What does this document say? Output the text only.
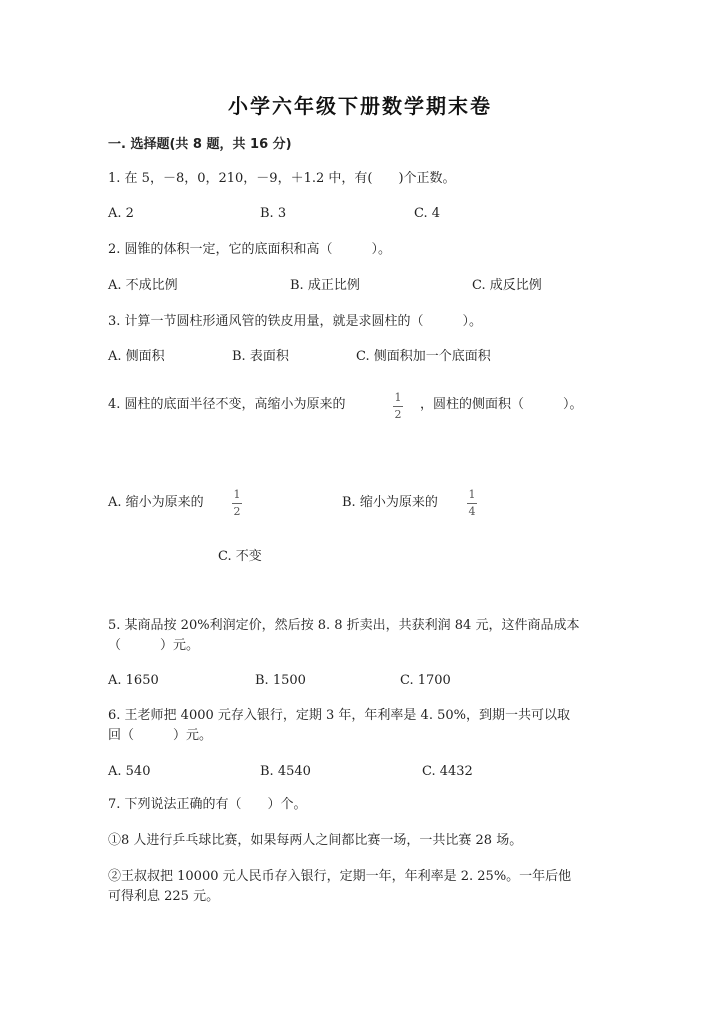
小学六年级下册数学期末卷
一. 选择题(共 8 题，共 16 分)
1. 在 5，－8，0，210，－9，＋1.2 中，有(　　)个正数。
A. 2	B. 3	C. 4
2. 圆锥的体积一定，它的底面积和高（　　　）。
A. 不成比例	B. 成正比例	C. 成反比例
3. 计算一节圆柱形通风管的铁皮用量，就是求圆柱的（　　　）。
A. 侧面积	B. 表面积	C. 侧面积加一个底面积
4. 圆柱的底面半径不变，高缩小为原来的	1
2
，圆柱的侧面积（　　　）。
A. 缩小为原来的
1
2
B. 缩小为原来的
1
4
C. 不变
5. 某商品按 20%利润定价，然后按 8. 8 折卖出，共获利润 84 元，这件商品成本
（　　　）元。
A. 1650	B. 1500	C. 1700
6. 王老师把 4000 元存入银行，定期 3 年，年利率是 4. 50%，到期一共可以取
回（　　　）元。
A. 540	B. 4540	C. 4432
7. 下列说法正确的有（　　）个。
①8 人进行乒乓球比赛，如果每两人之间都比赛一场，一共比赛 28 场。
②王叔叔把 10000 元人民币存入银行，定期一年，年利率是 2. 25%。一年后他
可得利息 225 元。
